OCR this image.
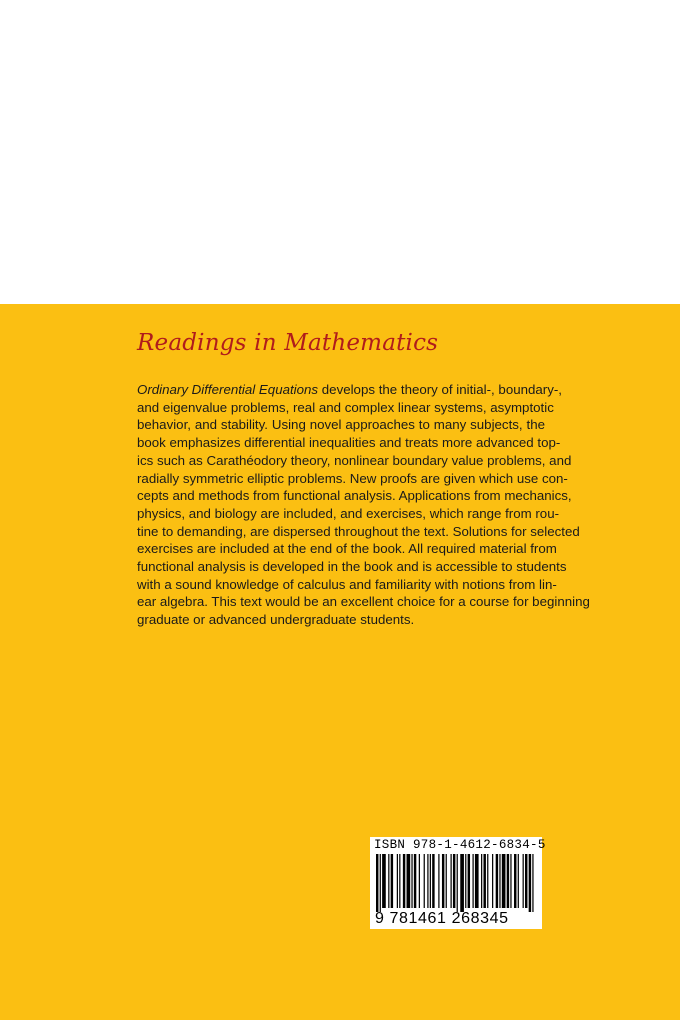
Readings in Mathematics

Ordinary Differential Equations develops the theory of initial-, boundary-,
and eigenvalue problems, real and complex linear systems, asymptotic
behavior, and stability. Using novel approaches to many subjects, the
book emphasizes differential inequalities and treats more advanced top-
ics such as Carathéodory theory, nonlinear boundary value problems, and
radially symmetric elliptic problems. New proofs are given which use con-
cepts and methods from functional analysis. Applications from mechanics,
physics, and biology are included, and exercises, which range from rou-
tine to demanding, are dispersed throughout the text. Solutions for selected
exercises are included at the end of the book. All required material from
functional analysis is developed in the book and is accessible to students
with a sound knowledge of calculus and familiarity with notions from lin-
ear algebra. This text would be an excellent choice for a course for beginning
graduate or advanced undergraduate students.

ISBN 978-1-4612-6834-5
9 781461 268345
